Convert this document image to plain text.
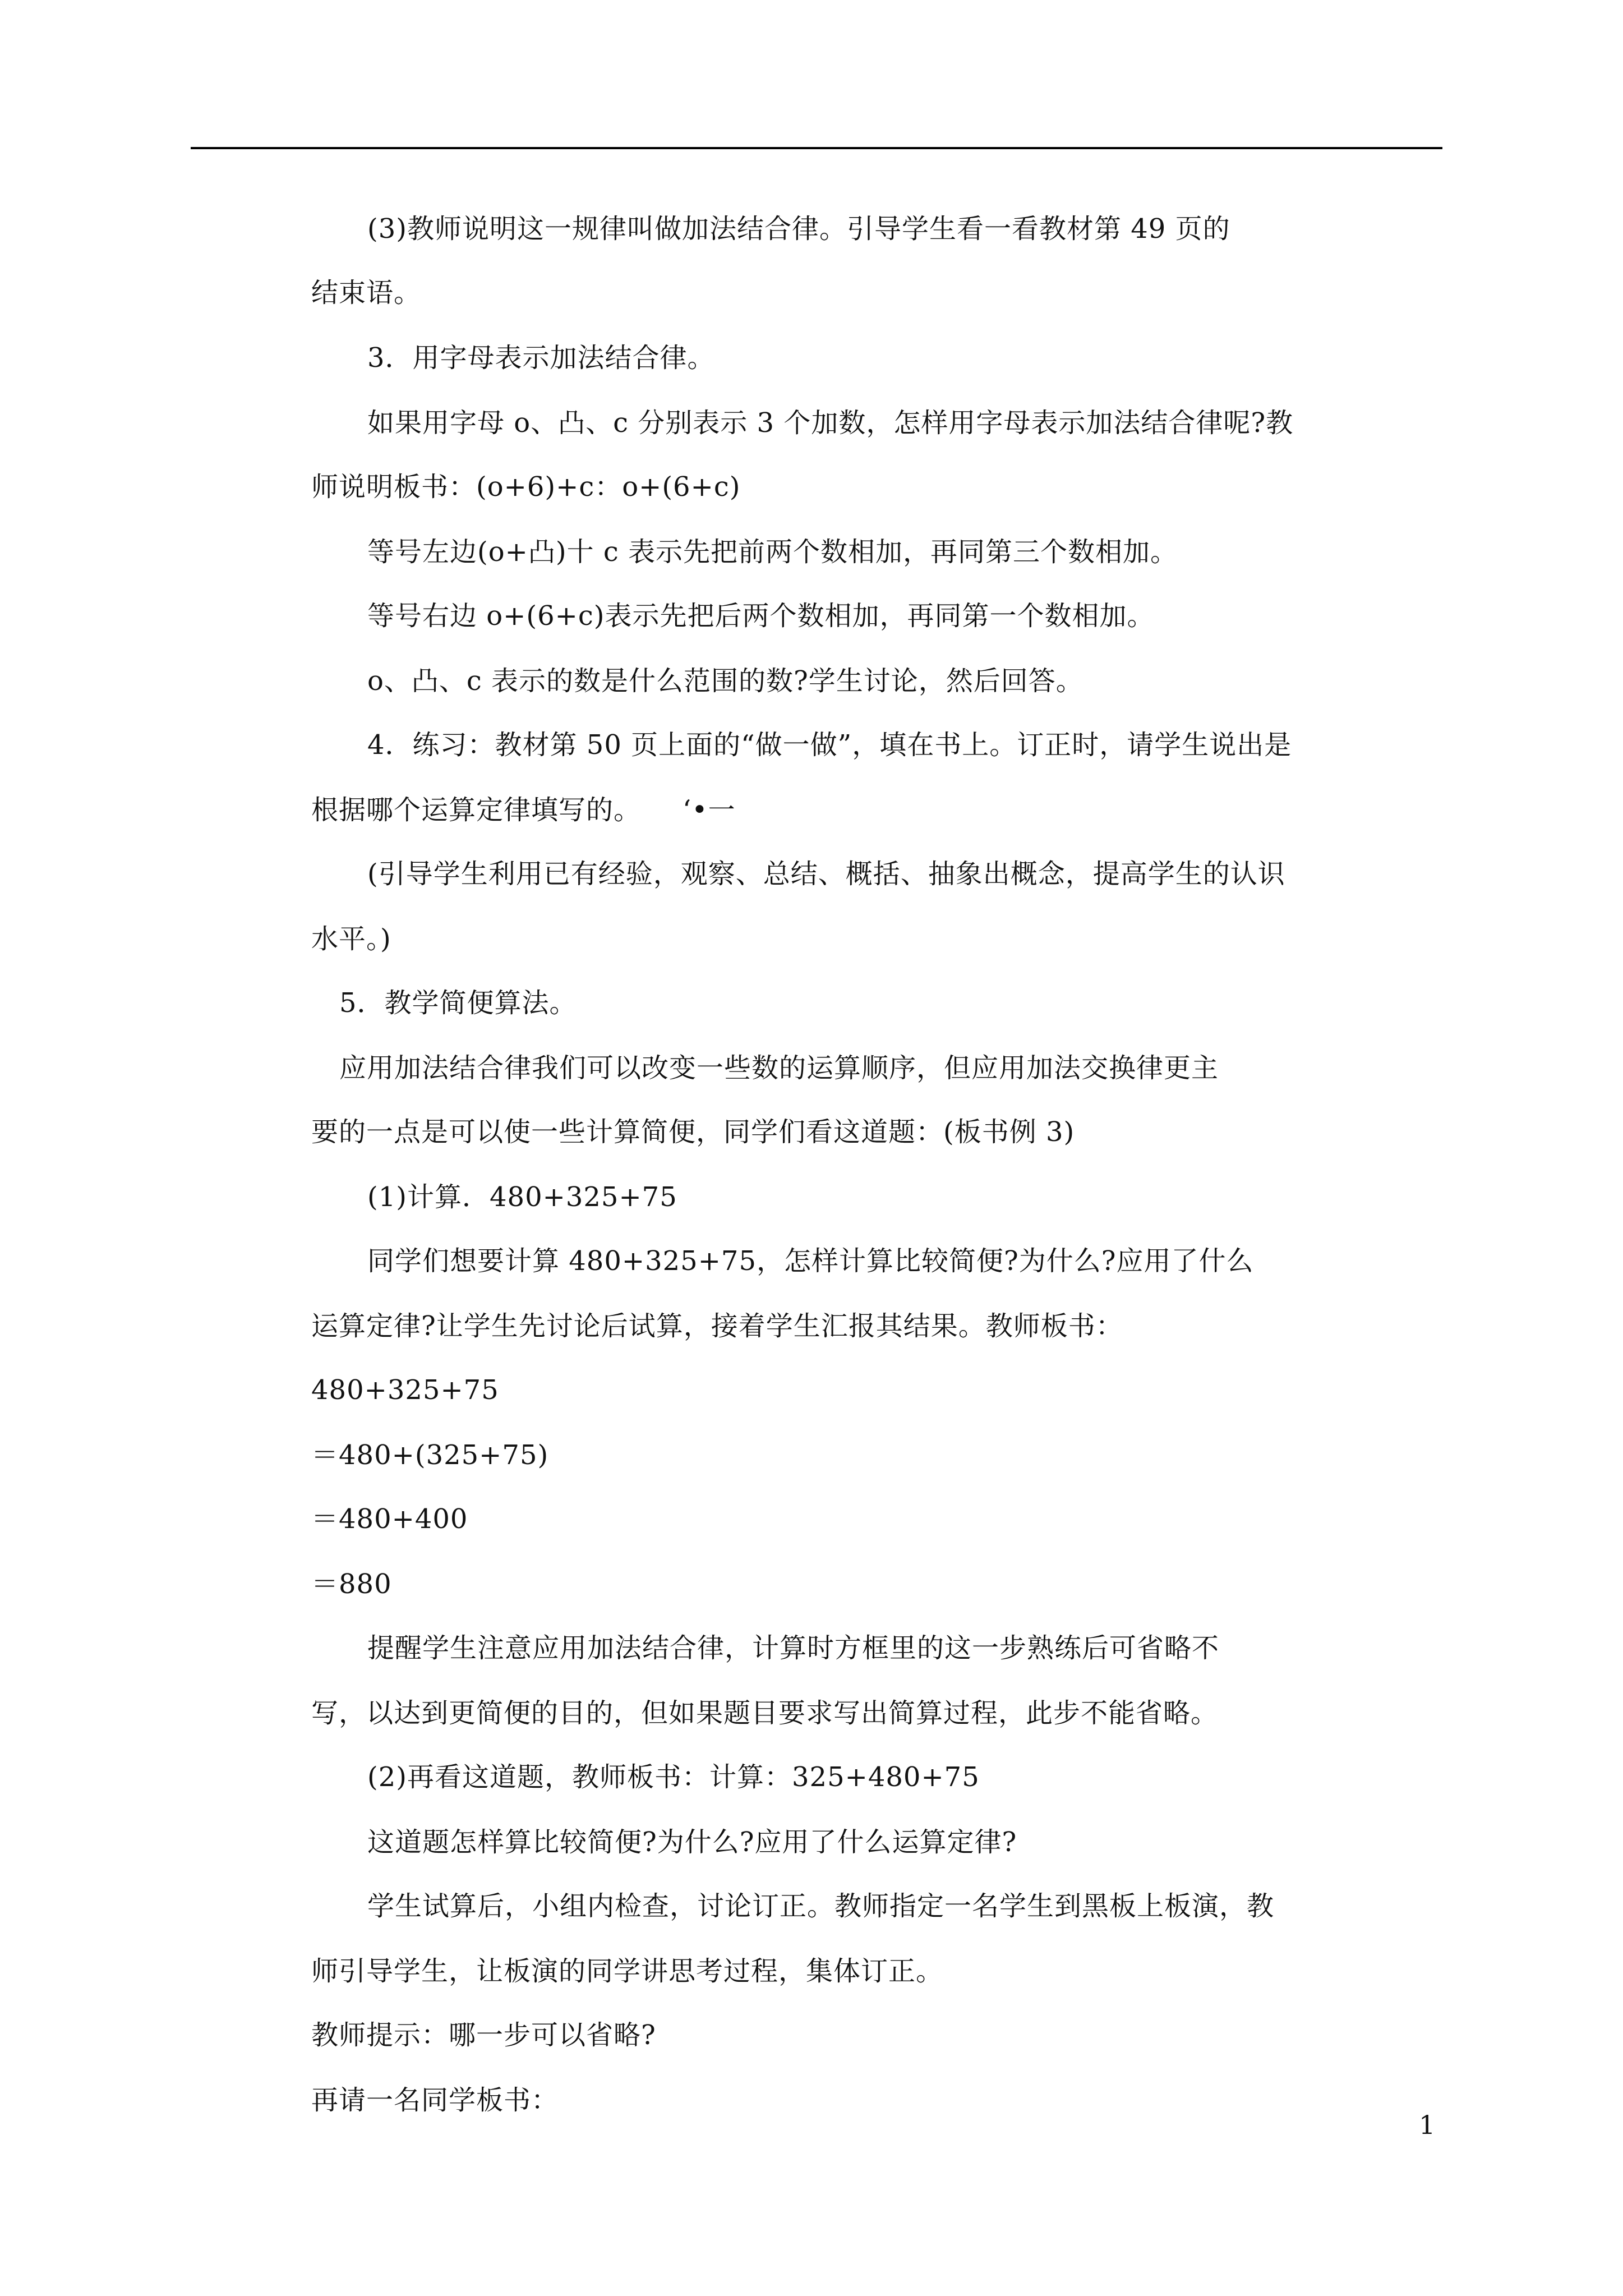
(3)教师说明这一规律叫做加法结合律。引导学生看一看教材第 49 页的
结束语。
3．用字母表示加法结合律。
如果用字母 o、凸、c 分别表示 3 个加数，怎样用字母表示加法结合律呢?教
师说明板书：(o+6)+c：o+(6+c)
等号左边(o+凸)十 c 表示先把前两个数相加，再同第三个数相加。
等号右边 o+(6+c)表示先把后两个数相加，再同第一个数相加。
o、凸、c 表示的数是什么范围的数?学生讨论，然后回答。
4．练习：教材第 50 页上面的“做一做”，填在书上。订正时，请学生说出是
根据哪个运算定律填写的。　　‘•一
(引导学生利用已有经验，观察、总结、概括、抽象出概念，提高学生的认识
水平。)
5．教学简便算法。
应用加法结合律我们可以改变一些数的运算顺序，但应用加法交换律更主
要的一点是可以使一些计算简便，同学们看这道题：(板书例 3)
(1)计算．480+325+75
同学们想要计算 480+325+75，怎样计算比较简便?为什么?应用了什么
运算定律?让学生先讨论后试算，接着学生汇报其结果。教师板书：
480+325+75
＝480+(325+75)
＝480+400
＝880
提醒学生注意应用加法结合律，计算时方框里的这一步熟练后可省略不
写，以达到更简便的目的，但如果题目要求写出简算过程，此步不能省略。
(2)再看这道题，教师板书：计算：325+480+75
这道题怎样算比较简便?为什么?应用了什么运算定律?
学生试算后，小组内检查，讨论订正。教师指定一名学生到黑板上板演，教
师引导学生，让板演的同学讲思考过程，集体订正。
教师提示：哪一步可以省略?
再请一名同学板书：
1
